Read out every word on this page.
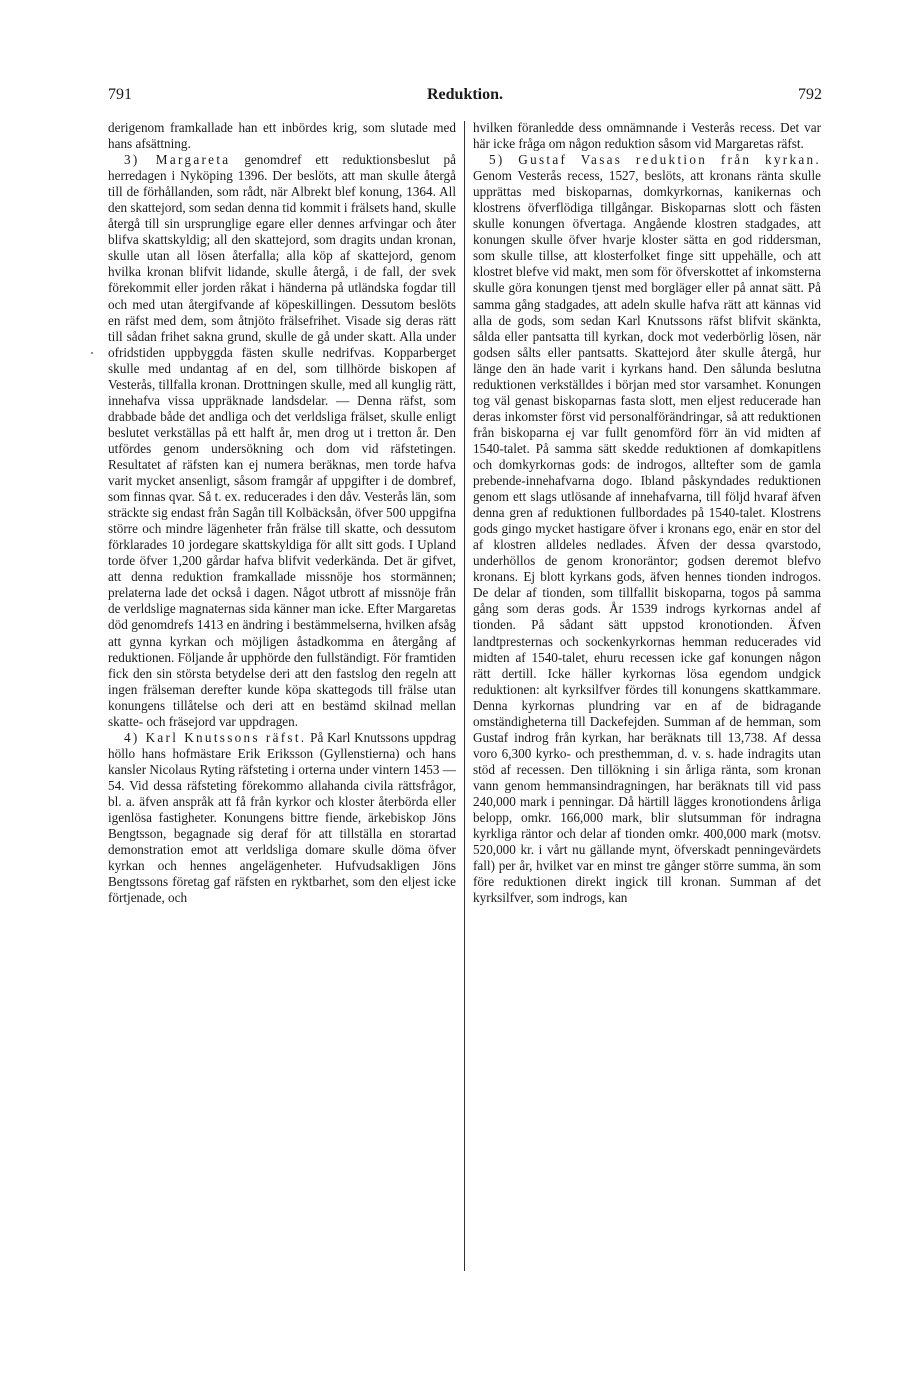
791	Reduktion.	792

derigenom framkallade han ett inbördes krig, som slutade med hans afsättning.

3) Margareta genomdref ett reduktionsbeslut på herredagen i Nyköping 1396. Der beslöts, att man skulle återgå till de förhållanden, som rådt, när Albrekt blef konung, 1364. All den skattejord, som sedan denna tid kommit i frälsets hand, skulle återgå till sin ursprunglige egare eller dennes arfvingar och åter blifva skattskyldig; all den skattejord, som dragits undan kronan, skulle utan all lösen återfalla; alla köp af skattejord, genom hvilka kronan blifvit lidande, skulle återgå, i de fall, der svek förekommit eller jorden råkat i händerna på utländska fogdar till och med utan återgifvande af köpeskillingen. Dessutom beslöts en räfst med dem, som åtnjöto frälsefrihet. Visade sig deras rätt till sådan frihet sakna grund, skulle de gå under skatt. Alla under ofridstiden uppbyggda fästen skulle nedrifvas. Kopparberget skulle med undantag af en del, som tillhörde biskopen af Vesterås, tillfalla kronan. Drottningen skulle, med all kunglig rätt, innehafva vissa uppräknade landsdelar. — Denna räfst, som drabbade både det andliga och det verldsliga frälset, skulle enligt beslutet verkställas på ett halft år, men drog ut i tretton år. Den utfördes genom undersökning och dom vid räfstetingen. Resultatet af räfsten kan ej numera beräknas, men torde hafva varit mycket ansenligt, såsom framgår af uppgifter i de dombref, som finnas qvar. Så t. ex. reducerades i den dåv. Vesterås län, som sträckte sig endast från Sagån till Kolbäcksån, öfver 500 uppgifna större och mindre lägenheter från frälse till skatte, och dessutom förklarades 10 jordegare skattskyldiga för allt sitt gods. I Upland torde öfver 1,200 gårdar hafva blifvit vederkända. Det är gifvet, att denna reduktion framkallade missnöje hos stormännen; prelaterna lade det också i dagen. Något utbrott af missnöje från de verldslige magnaternas sida känner man icke. Efter Margaretas död genomdrefs 1413 en ändring i bestämmelserna, hvilken afsåg att gynna kyrkan och möjligen åstadkomma en återgång af reduktionen. Följande år upphörde den fullständigt. För framtiden fick den sin största betydelse deri att den fastslog den regeln att ingen frälseman derefter kunde köpa skattegods till frälse utan konungens tillåtelse och deri att en bestämd skilnad mellan skatte- och fräsejord var uppdragen.

4) Karl Knutssons räfst. På Karl Knutssons uppdrag höllo hans hofmästare Erik Eriksson (Gyllenstierna) och hans kansler Nicolaus Ryting räfsteting i orterna under vintern 1453 —54. Vid dessa räfsteting förekommo allahanda civila rättsfrågor, bl. a. äfven anspråk att få från kyrkor och kloster återbörda eller igenlösa fastigheter. Konungens bittre fiende, ärkebiskop Jöns Bengtsson, begagnade sig deraf för att tillställa en storartad demonstration emot att verldsliga domare skulle döma öfver kyrkan och hennes angelägenheter. Hufvudsakligen Jöns Bengtssons företag gaf räfsten en ryktbarhet, som den eljest icke förtjenade, och

hvilken föranledde dess omnämnande i Vesterås recess. Det var här icke fråga om någon reduktion såsom vid Margaretas räfst.

5) Gustaf Vasas reduktion från kyrkan. Genom Vesterås recess, 1527, beslöts, att kronans ränta skulle upprättas med biskoparnas, domkyrkornas, kanikernas och klostrens öfverflödiga tillgångar. Biskoparnas slott och fästen skulle konungen öfvertaga. Angående klostren stadgades, att konungen skulle öfver hvarje kloster sätta en god riddersman, som skulle tillse, att klosterfolket finge sitt uppehälle, och att klostret blefve vid makt, men som för öfverskottet af inkomsterna skulle göra konungen tjenst med borgläger eller på annat sätt. På samma gång stadgades, att adeln skulle hafva rätt att kännas vid alla de gods, som sedan Karl Knutssons räfst blifvit skänkta, sålda eller pantsatta till kyrkan, dock mot vederbörlig lösen, när godsen sålts eller pantsatts. Skattejord åter skulle återgå, hur länge den än hade varit i kyrkans hand. Den sålunda beslutna reduktionen verkställdes i början med stor varsamhet. Konungen tog väl genast biskoparnas fasta slott, men eljest reducerade han deras inkomster först vid personalförändringar, så att reduktionen från biskoparna ej var fullt genomförd förr än vid midten af 1540-talet. På samma sätt skedde reduktionen af domkapitlens och domkyrkornas gods: de indrogos, alltefter som de gamla prebende-innehafvarna dogo. Ibland påskyndades reduktionen genom ett slags utlösande af innehafvarna, till följd hvaraf äfven denna gren af reduktionen fullbordades på 1540-talet. Klostrens gods gingo mycket hastigare öfver i kronans ego, enär en stor del af klostren alldeles nedlades. Äfven der dessa qvarstodo, underhöllos de genom kronoräntor; godsen deremot blefvo kronans. Ej blott kyrkans gods, äfven hennes tionden indrogos. De delar af tionden, som tillfallit biskoparna, togos på samma gång som deras gods. År 1539 indrogs kyrkornas andel af tionden. På sådant sätt uppstod kronotionden. Äfven landtpresternas och sockenkyrkornas hemman reducerades vid midten af 1540-talet, ehuru recessen icke gaf konungen någon rätt dertill. Icke häller kyrkornas lösa egendom undgick reduktionen: alt kyrksilfver fördes till konungens skattkammare. Denna kyrkornas plundring var en af de bidragande omständigheterna till Dackefejden. Summan af de hemman, som Gustaf indrog från kyrkan, har beräknats till 13,738. Af dessa voro 6,300 kyrko- och presthemman, d. v. s. hade indragits utan stöd af recessen. Den tillökning i sin årliga ränta, som kronan vann genom hemmansindragningen, har beräknats till vid pass 240,000 mark i penningar. Då härtill lägges kronotiondens årliga belopp, omkr. 166,000 mark, blir slutsumman för indragna kyrkliga räntor och delar af tionden omkr. 400,000 mark (motsv. 520,000 kr. i vårt nu gällande mynt, öfverskadt penningevärdets fall) per år, hvilket var en minst tre gånger större summa, än som före reduktionen direkt ingick till kronan. Summan af det kyrksilfver, som indrogs, kan
